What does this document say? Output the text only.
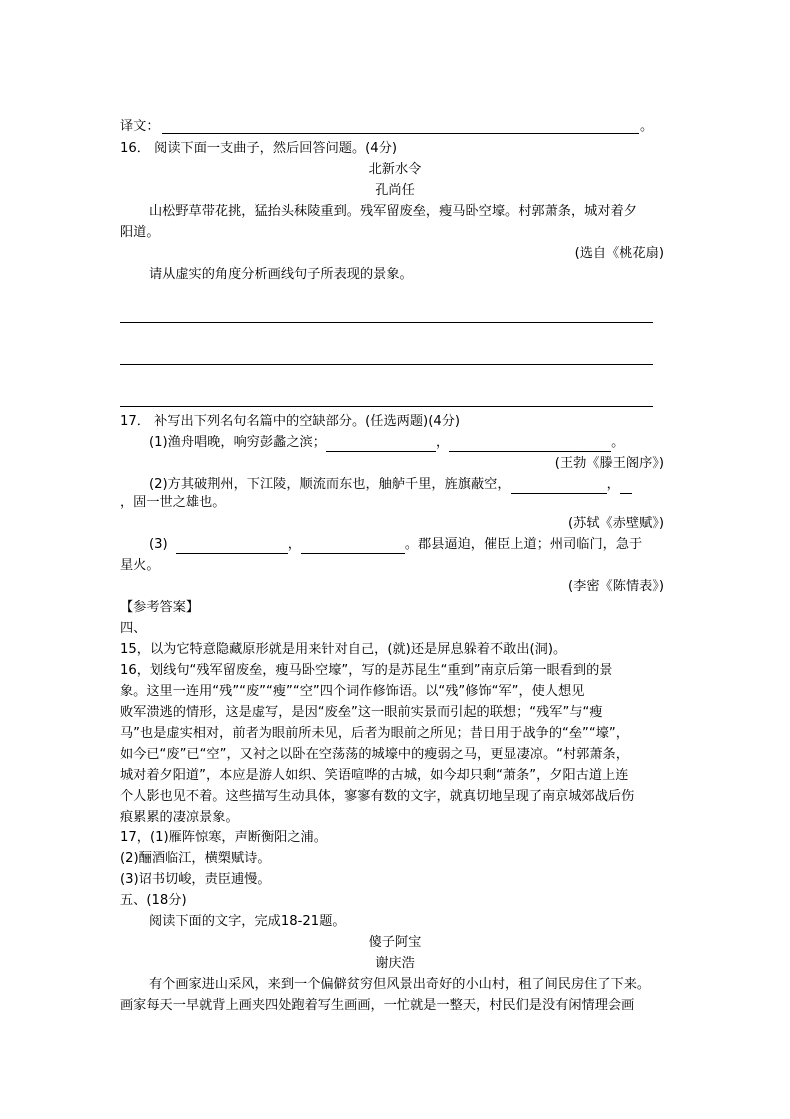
译文：	。
16． 阅读下面一支曲子，然后回答问题。(4分)
北新水令
孔尚任
山松野草带花挑，猛抬头秣陵重到。残军留废垒，瘦马卧空壕。村郭萧条，城对着夕
阳道。
(选自《桃花扇)
请从虚实的角度分析画线句子所表现的景象。
17． 补写出下列名句名篇中的空缺部分。(任选两题)(4分)
(1)渔舟唱晚，响穷彭蠡之滨；	，	。
(王勃《滕王阁序》)
(2)方其破荆州，下江陵，顺流而东也，舳舻千里，旌旗蔽空，	，
，固一世之雄也。
(苏轼《赤壁赋》)
(3)	，	。郡县逼迫，催臣上道；州司临门，急于
星火。
(李密《陈情表》)
【参考答案】
四、
15，以为它特意隐藏原形就是用来针对自己，(就)还是屏息躲着不敢出(洞)。
16，划线句“残军留废垒，瘦马卧空壕”，写的是苏昆生“重到”南京后第一眼看到的景
象。这里一连用“残”“废”“瘦”“空”四个词作修饰语。以“残”修饰“军”，使人想见
败军溃逃的情形，这是虚写，是因“废垒”这一眼前实景而引起的联想；“残军”与“瘦
马”也是虚实相对，前者为眼前所未见，后者为眼前之所见；昔日用于战争的“垒”“壕”，
如今已“废”已“空”，又衬之以卧在空荡荡的城壕中的瘦弱之马，更显凄凉。“村郭萧条，
城对着夕阳道”，本应是游人如织、笑语喧哗的古城，如今却只剩“萧条”，夕阳古道上连
个人影也见不着。这些描写生动具体，寥寥有数的文字，就真切地呈现了南京城郊战后伤
痕累累的凄凉景象。
17，(1)雁阵惊寒，声断衡阳之浦。
(2)酾酒临江，横槊赋诗。
(3)诏书切峻，责臣逋慢。
五、(18分)
阅读下面的文字，完成18-21题。
傻子阿宝
谢庆浩
有个画家进山采风，来到一个偏僻贫穷但风景出奇好的小山村，租了间民房住了下来。
画家每天一早就背上画夹四处跑着写生画画，一忙就是一整天，村民们是没有闲情理会画
